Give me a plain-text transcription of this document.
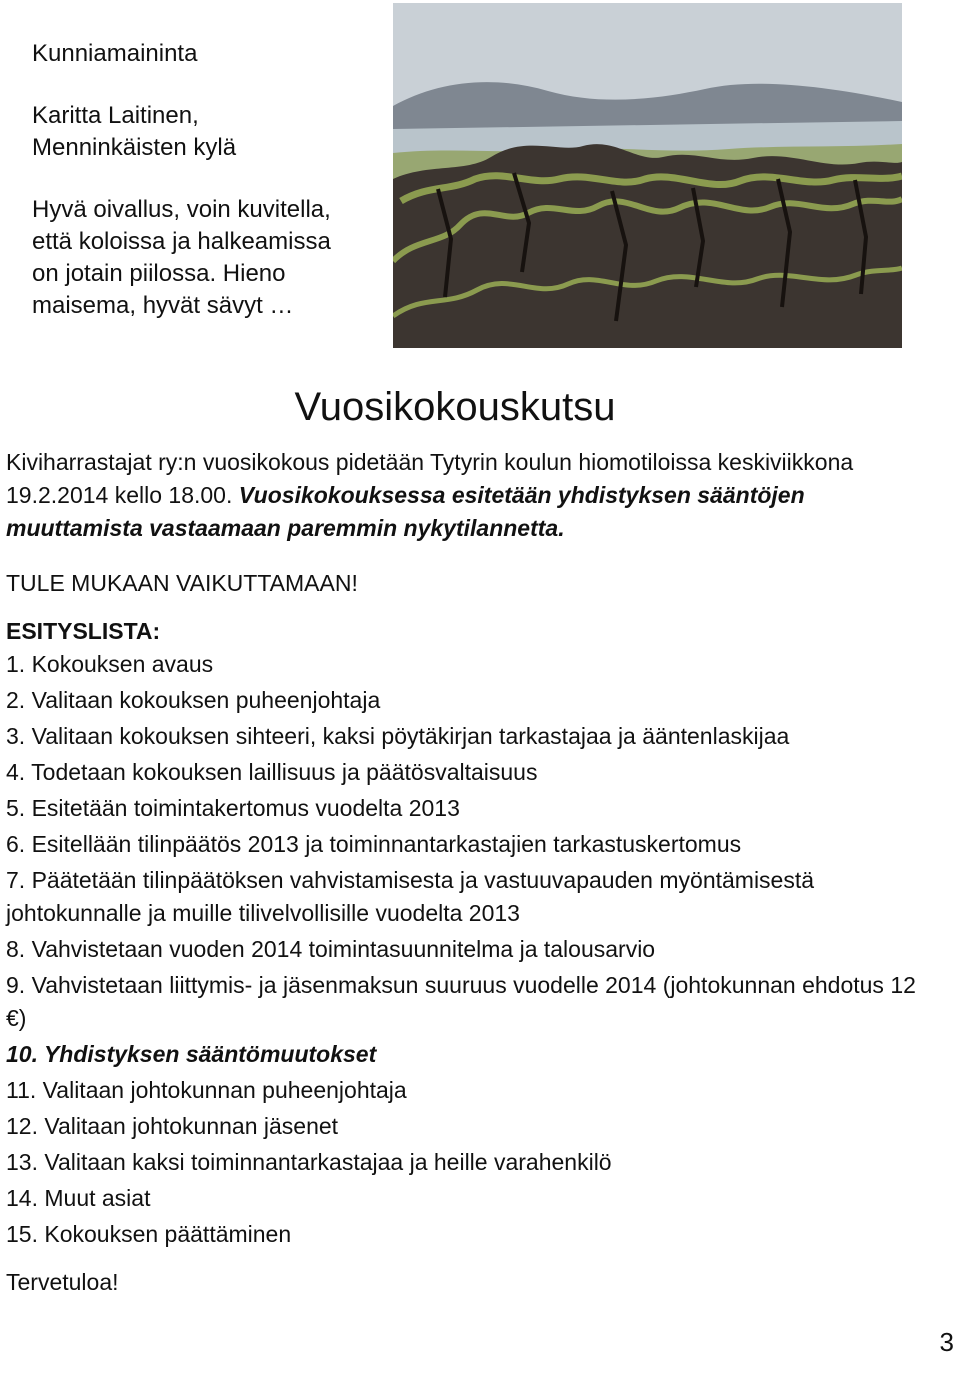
Kunniamaininta

Karitta Laitinen,

Menninkäisten kylä

Hyvä oivallus, voin kuvitella,

että koloissa ja halkeamissa

on jotain piilossa. Hieno

maisema, hyvät sävyt …

Vuosikokouskutsu

Kiviharrastajat ry:n vuosikokous pidetään Tytyrin koulun hiomotiloissa keskiviikkona 19.2.2014 kello 18.00. Vuosikokouksessa esitetään yhdistyksen sääntöjen muuttamista vastaamaan paremmin nykytilannetta.

TULE MUKAAN VAIKUTTAMAAN!

ESITYSLISTA:

1. Kokouksen avaus
2. Valitaan kokouksen puheenjohtaja
3. Valitaan kokouksen sihteeri, kaksi pöytäkirjan tarkastajaa ja ääntenlaskijaa
4. Todetaan kokouksen laillisuus ja päätösvaltaisuus
5. Esitetään toimintakertomus vuodelta 2013
6. Esitellään tilinpäätös 2013 ja toiminnantarkastajien tarkastuskertomus
7. Päätetään tilinpäätöksen vahvistamisesta ja vastuuvapauden myöntämisestä johtokunnalle ja muille tilivelvollisille vuodelta 2013
8. Vahvistetaan vuoden 2014 toimintasuunnitelma ja talousarvio
9. Vahvistetaan liittymis- ja jäsenmaksun suuruus vuodelle 2014 (johtokunnan ehdotus 12 €)
10. Yhdistyksen sääntömuutokset
11. Valitaan johtokunnan puheenjohtaja
12. Valitaan johtokunnan jäsenet
13. Valitaan kaksi toiminnantarkastajaa ja heille varahenkilö
14. Muut asiat
15. Kokouksen päättäminen

Tervetuloa!

3
